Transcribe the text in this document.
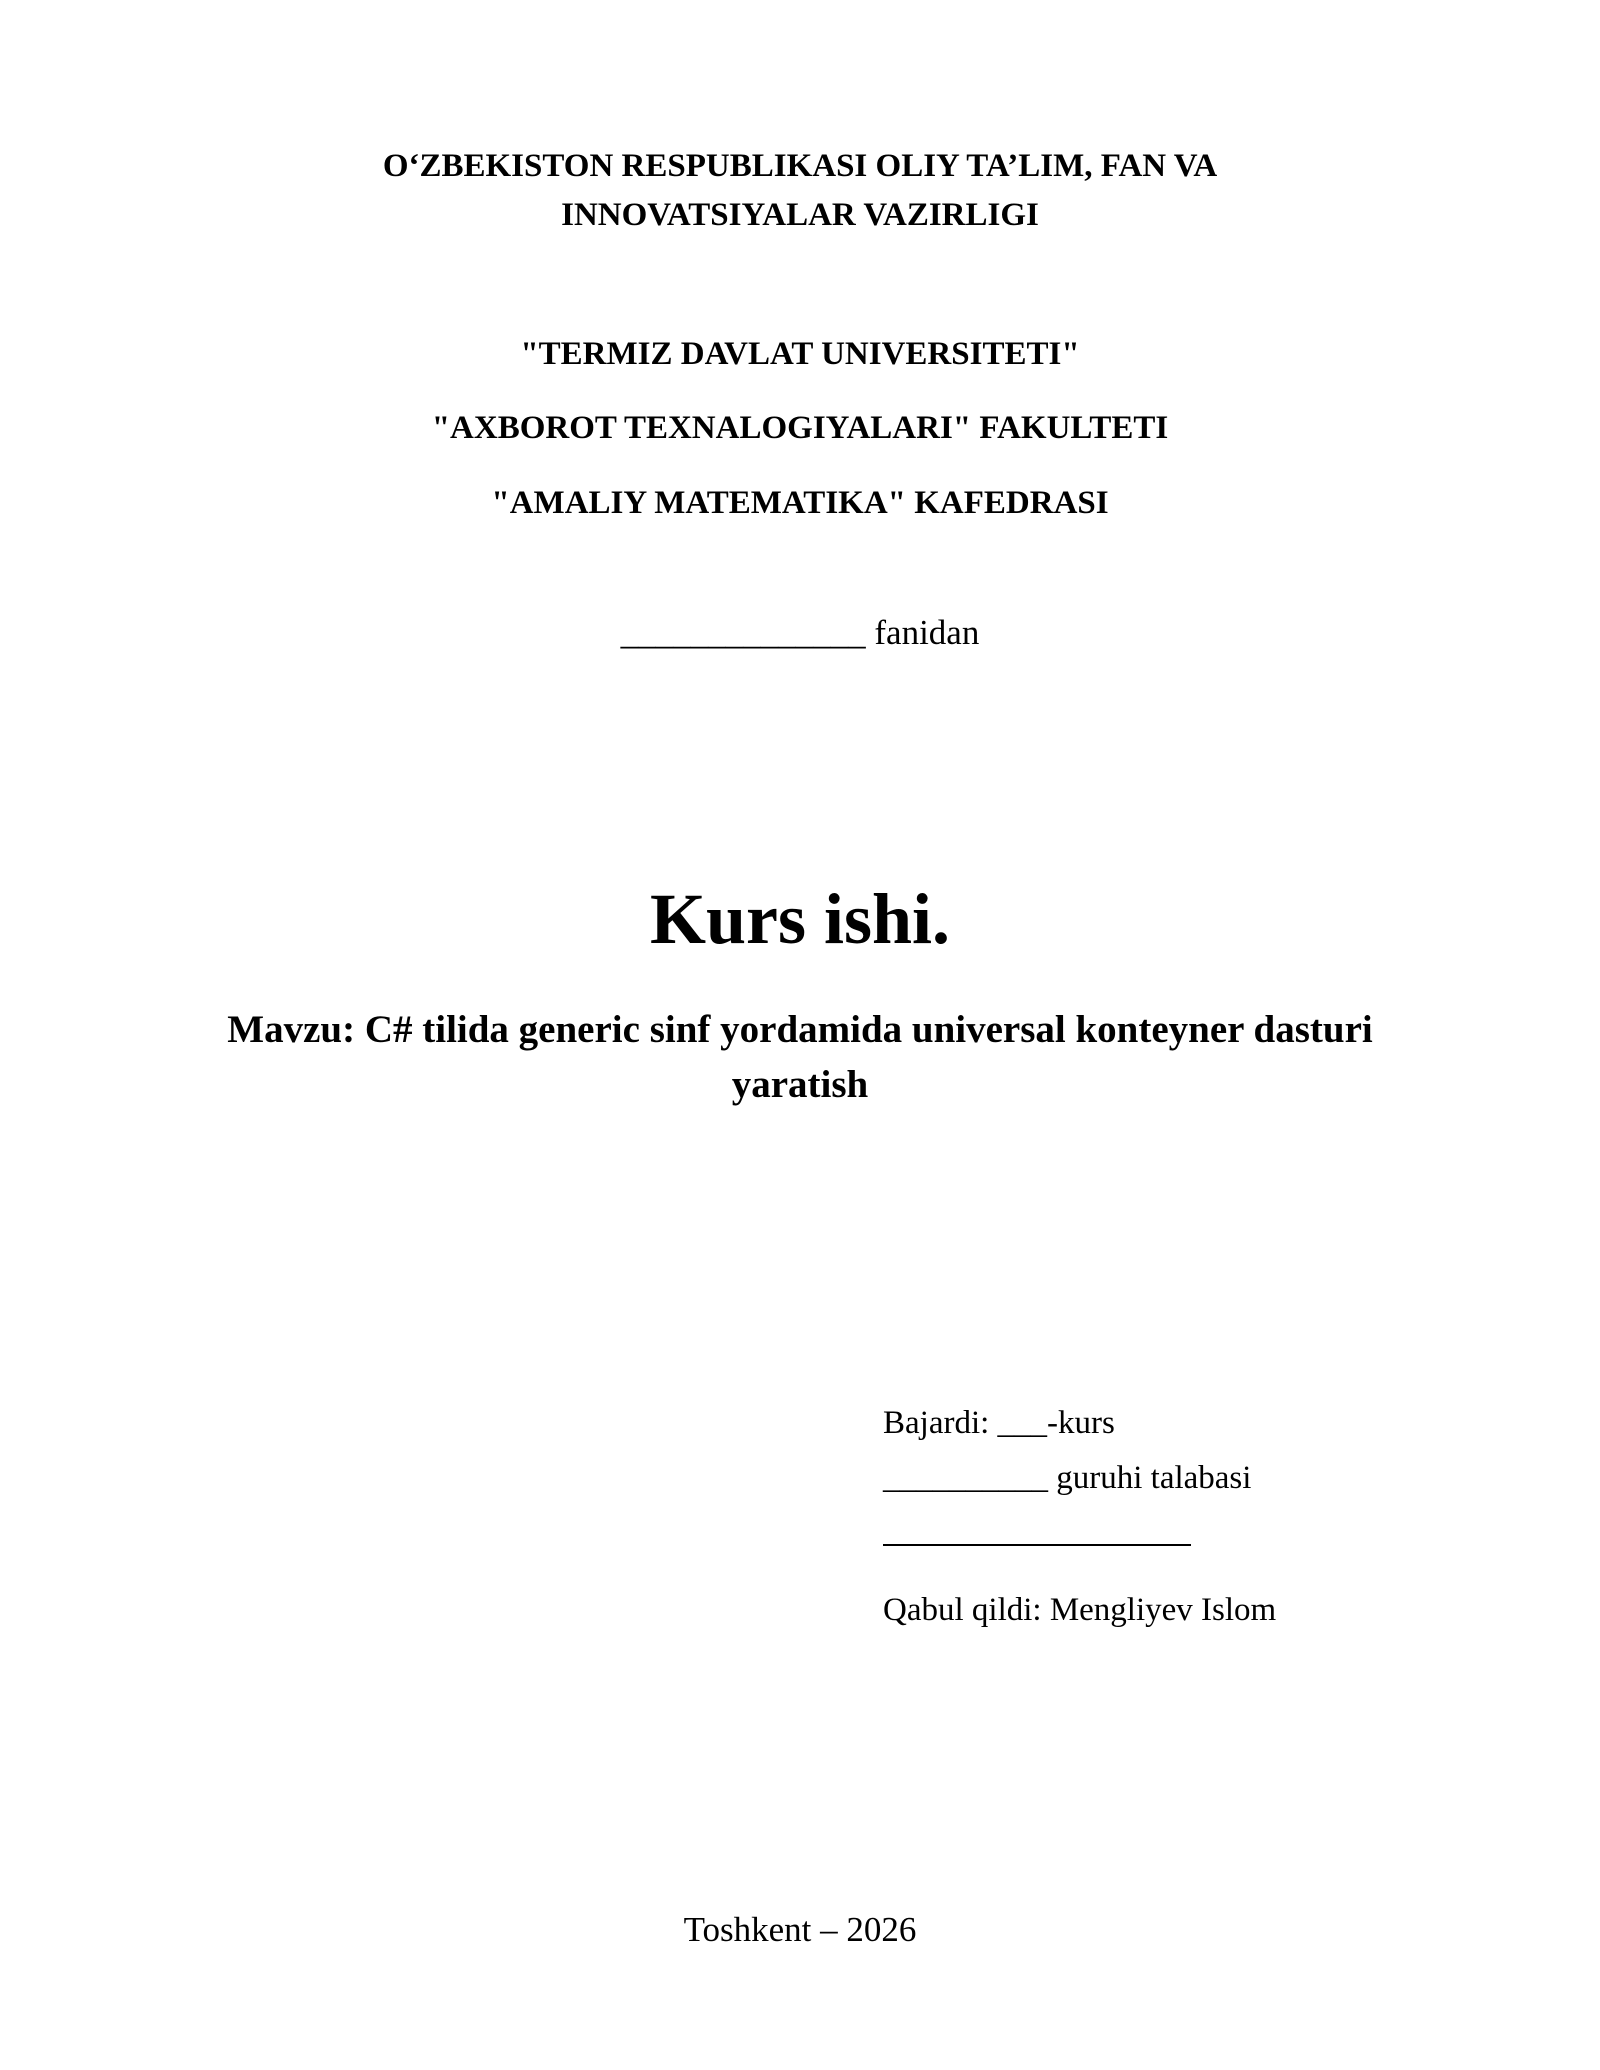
O‘ZBEKISTON RESPUBLIKASI OLIY TA’LIM, FAN VA
INNOVATSIYALAR VAZIRLIGI
"TERMIZ DAVLAT UNIVERSITETI"
"AXBOROT TEXNALOGIYALARI" FAKULTETI
"AMALIY MATEMATIKA" KAFEDRASI
______________ fanidan
Kurs ishi.
Mavzu: C# tilida generic sinf yordamida universal konteyner dasturi
yaratish
Bajardi: ___-kurs
__________ guruhi talabasi
Qabul qildi: Mengliyev Islom
Toshkent – 2026
